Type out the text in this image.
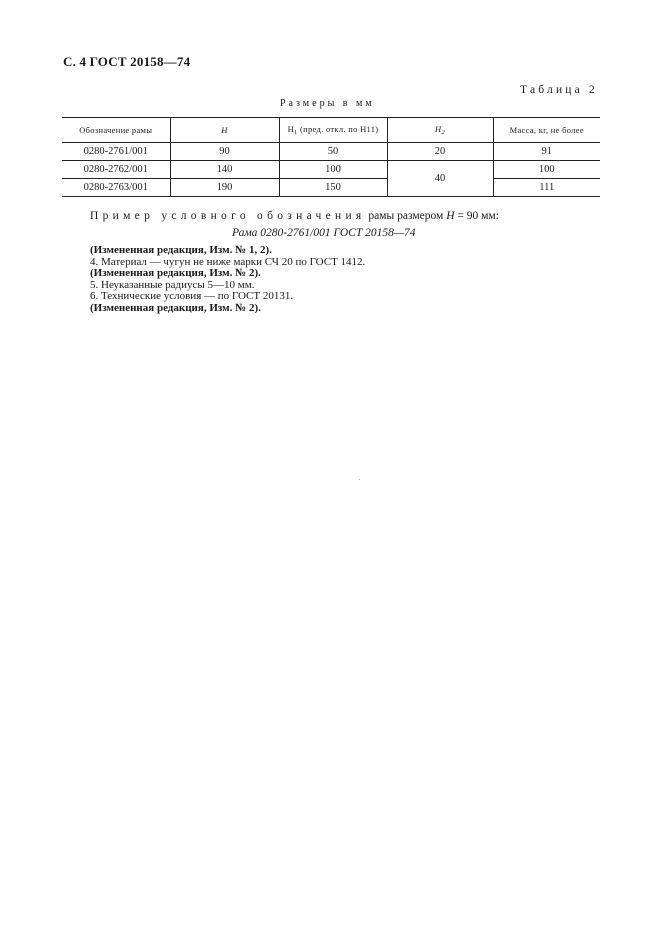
С. 4 ГОСТ 20158—74
Таблица 2
Размеры в мм
Обозначение рамы	H	$H_1$ (пред. откл. по Н11)	$H_2$	Масса, кг, не более
0280-2761/001	90	50	20	91
0280-2762/001	140	100	40	100
0280-2763/001	190	150		111
Пример условного обозначения рамы размером H = 90 мм:
Рама 0280-2761/001 ГОСТ 20158—74
(Измененная редакция, Изм. № 1, 2).
4. Материал — чугун не ниже марки СЧ 20 по ГОСТ 1412.
(Измененная редакция, Изм. № 2).
5. Неуказанные радиусы 5—10 мм.
6. Технические условия — по ГОСТ 20131.
(Измененная редакция, Изм. № 2).
